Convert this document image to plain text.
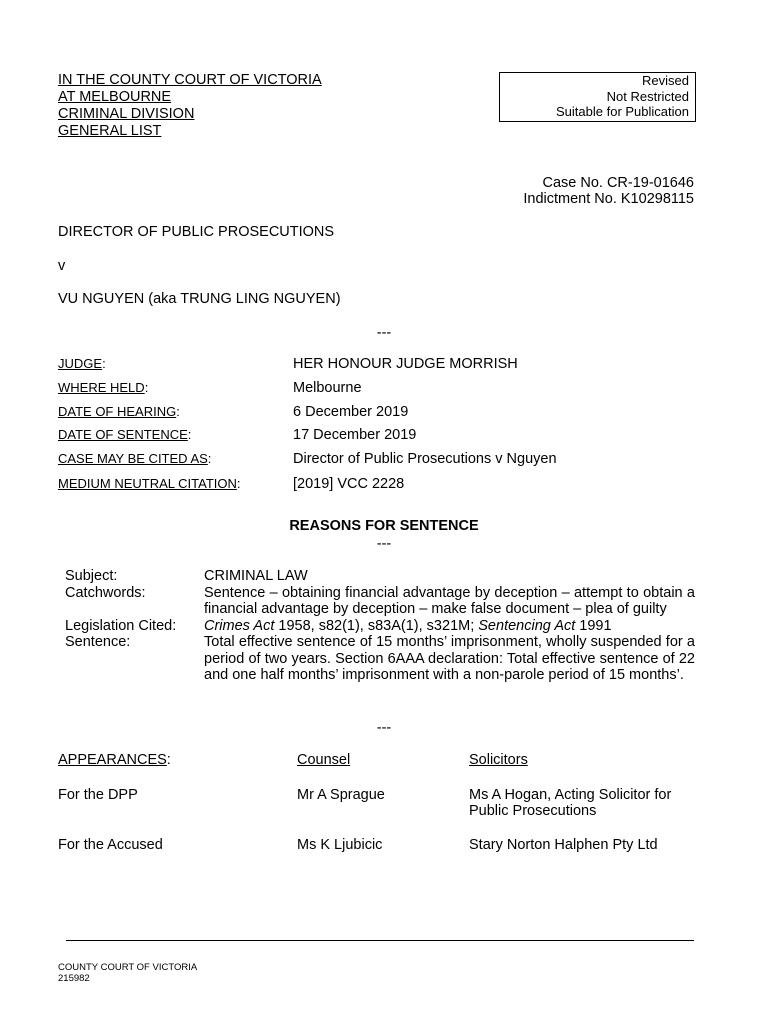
IN THE COUNTY COURT OF VICTORIA
AT MELBOURNE
CRIMINAL DIVISION
GENERAL LIST
Revised
Not Restricted
Suitable for Publication
Case No. CR-19-01646
Indictment No. K10298115
DIRECTOR OF PUBLIC PROSECUTIONS
v
VU NGUYEN (aka TRUNG LING NGUYEN)
---
JUDGE:	HER HONOUR JUDGE MORRISH
WHERE HELD:	Melbourne
DATE OF HEARING:	6 December 2019
DATE OF SENTENCE:	17 December 2019
CASE MAY BE CITED AS:	Director of Public Prosecutions v Nguyen
MEDIUM NEUTRAL CITATION:	[2019] VCC 2228
REASONS FOR SENTENCE
---
Subject:	CRIMINAL LAW
Catchwords:	Sentence – obtaining financial advantage by deception – attempt to obtain a financial advantage by deception – make false document – plea of guilty
Legislation Cited:	Crimes Act 1958, s82(1), s83A(1), s321M; Sentencing Act 1991
Sentence:	Total effective sentence of 15 months’ imprisonment, wholly suspended for a period of two years. Section 6AAA declaration: Total effective sentence of 22 and one half months’ imprisonment with a non-parole period of 15 months’.
---
APPEARANCES:	Counsel	Solicitors
For the DPP	Mr A Sprague	Ms A Hogan, Acting Solicitor for Public Prosecutions
For the Accused	Ms K Ljubicic	Stary Norton Halphen Pty Ltd
COUNTY COURT OF VICTORIA
215982
